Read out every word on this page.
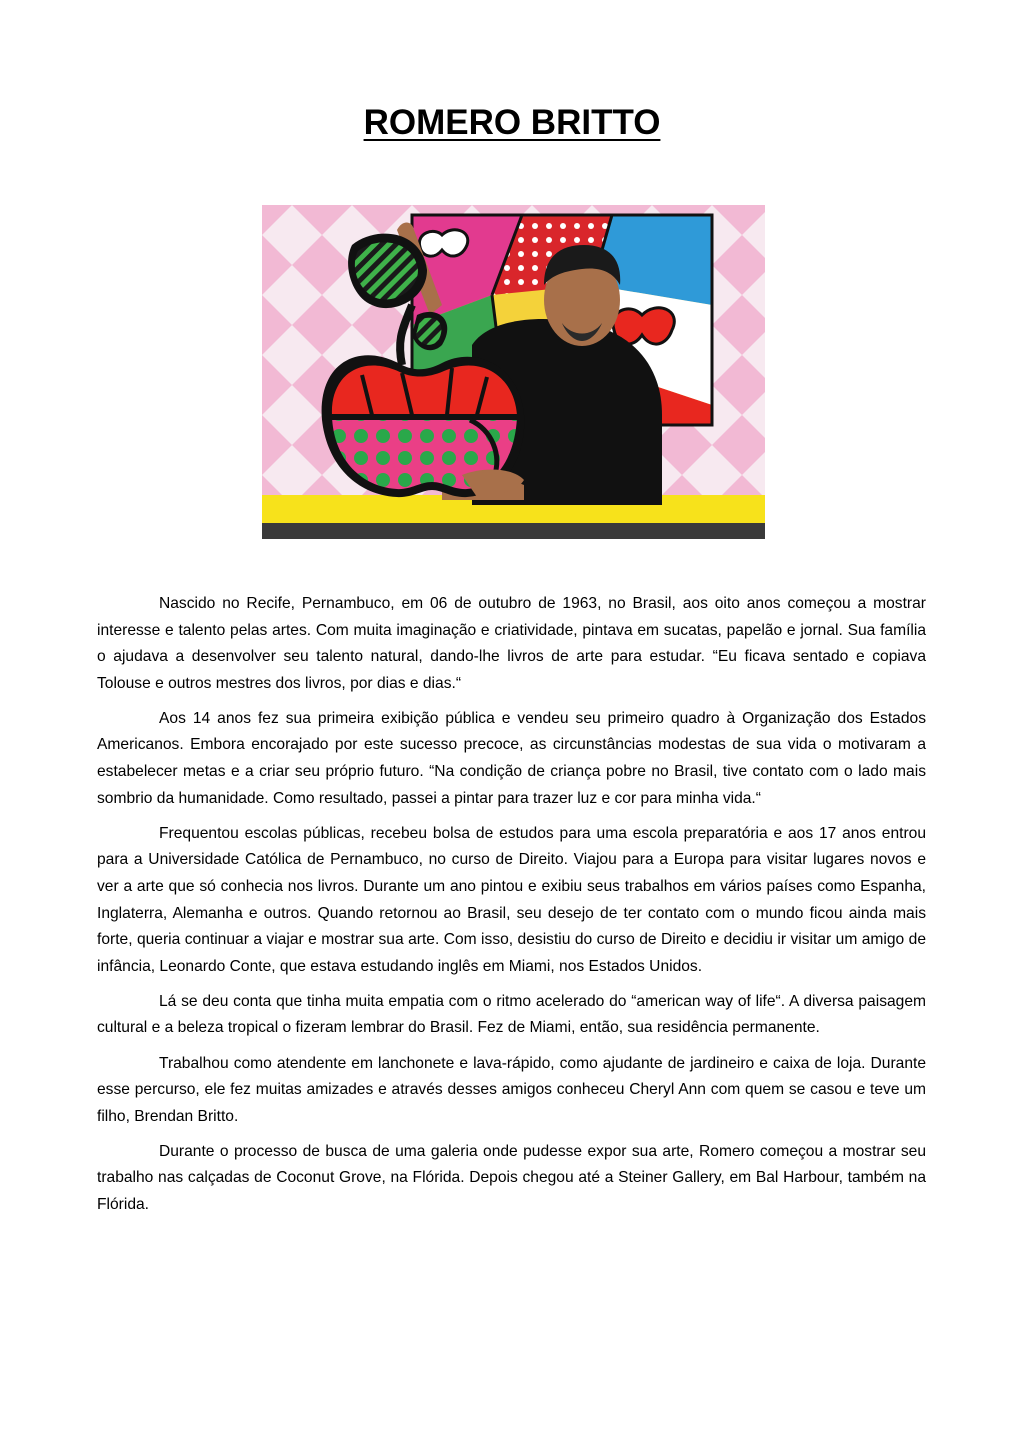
ROMERO BRITTO

Nascido no Recife, Pernambuco, em 06 de outubro de 1963, no Brasil, aos oito anos começou a mostrar interesse e talento pelas artes. Com muita imaginação e criatividade, pintava em sucatas, papelão e jornal. Sua família o ajudava a desenvolver seu talento natural, dando-lhe livros de arte para estudar. “Eu ficava sentado e copiava Tolouse e outros mestres dos livros, por dias e dias.“

Aos 14 anos fez sua primeira exibição pública e vendeu seu primeiro quadro à Organização dos Estados Americanos. Embora encorajado por este sucesso precoce, as circunstâncias modestas de sua vida o motivaram a estabelecer metas e a criar seu próprio futuro. “Na condição de criança pobre no Brasil, tive contato com o lado mais sombrio da humanidade. Como resultado, passei a pintar para trazer luz e cor para minha vida.“

Frequentou escolas públicas, recebeu bolsa de estudos para uma escola preparatória e aos 17 anos entrou para a Universidade Católica de Pernambuco, no curso de Direito. Viajou para a Europa para visitar lugares novos e ver a arte que só conhecia nos livros. Durante um ano pintou e exibiu seus trabalhos em vários países como Espanha, Inglaterra, Alemanha e outros. Quando retornou ao Brasil, seu desejo de ter contato com o mundo ficou ainda mais forte, queria continuar a viajar e mostrar sua arte. Com isso, desistiu do curso de Direito e decidiu ir visitar um amigo de infância, Leonardo Conte, que estava estudando inglês em Miami, nos Estados Unidos.

Lá se deu conta que tinha muita empatia com o ritmo acelerado do “american way of life“. A diversa paisagem cultural e a beleza tropical o fizeram lembrar do Brasil. Fez de Miami, então, sua residência permanente.

Trabalhou como atendente em lanchonete e lava-rápido, como ajudante de jardineiro e caixa de loja. Durante esse percurso, ele fez muitas amizades e através desses amigos conheceu Cheryl Ann com quem se casou e teve um filho, Brendan Britto.

Durante o processo de busca de uma galeria onde pudesse expor sua arte, Romero começou a mostrar seu trabalho nas calçadas de Coconut Grove, na Flórida. Depois chegou até a Steiner Gallery, em Bal Harbour, também na Flórida.
